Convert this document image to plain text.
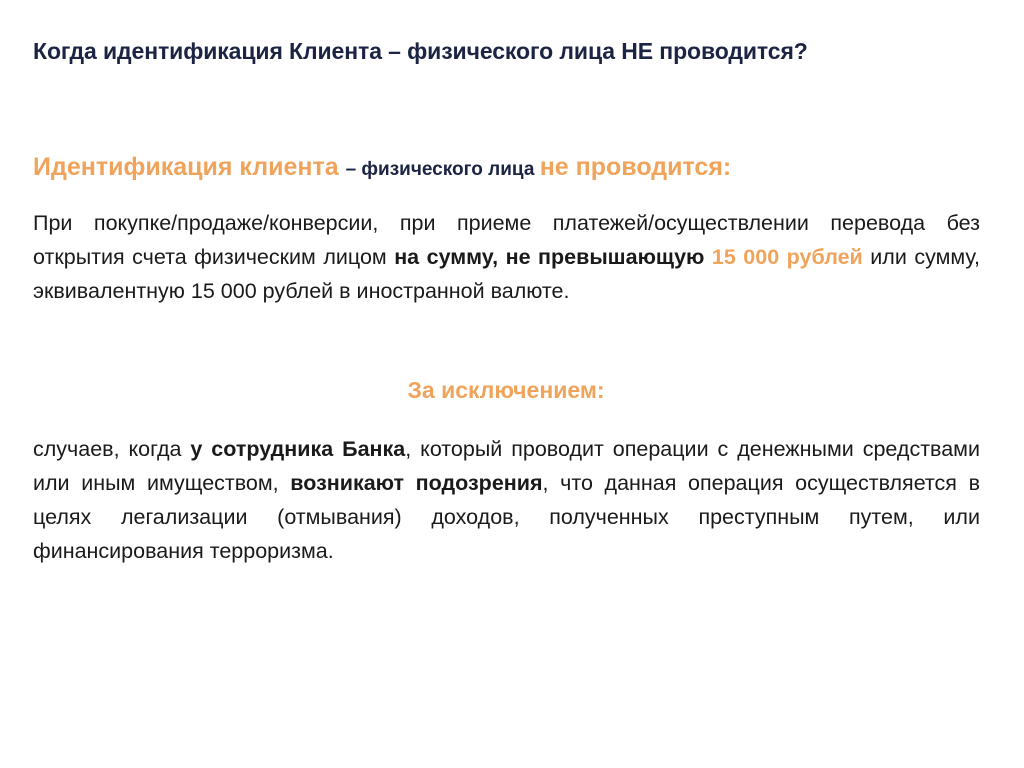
Когда идентификация Клиента – физического лица НЕ проводится?
Идентификация клиента – физического лица не проводится:
При покупке/продаже/конверсии, при приеме платежей/осуществлении перевода без открытия счета физическим лицом на сумму, не превышающую 15 000 рублей или сумму, эквивалентную 15 000 рублей в иностранной валюте.
За исключением:
случаев, когда у сотрудника Банка, который проводит операции с денежными средствами или иным имуществом, возникают подозрения, что данная операция осуществляется в целях легализации (отмывания) доходов, полученных преступным путем, или финансирования терроризма.
